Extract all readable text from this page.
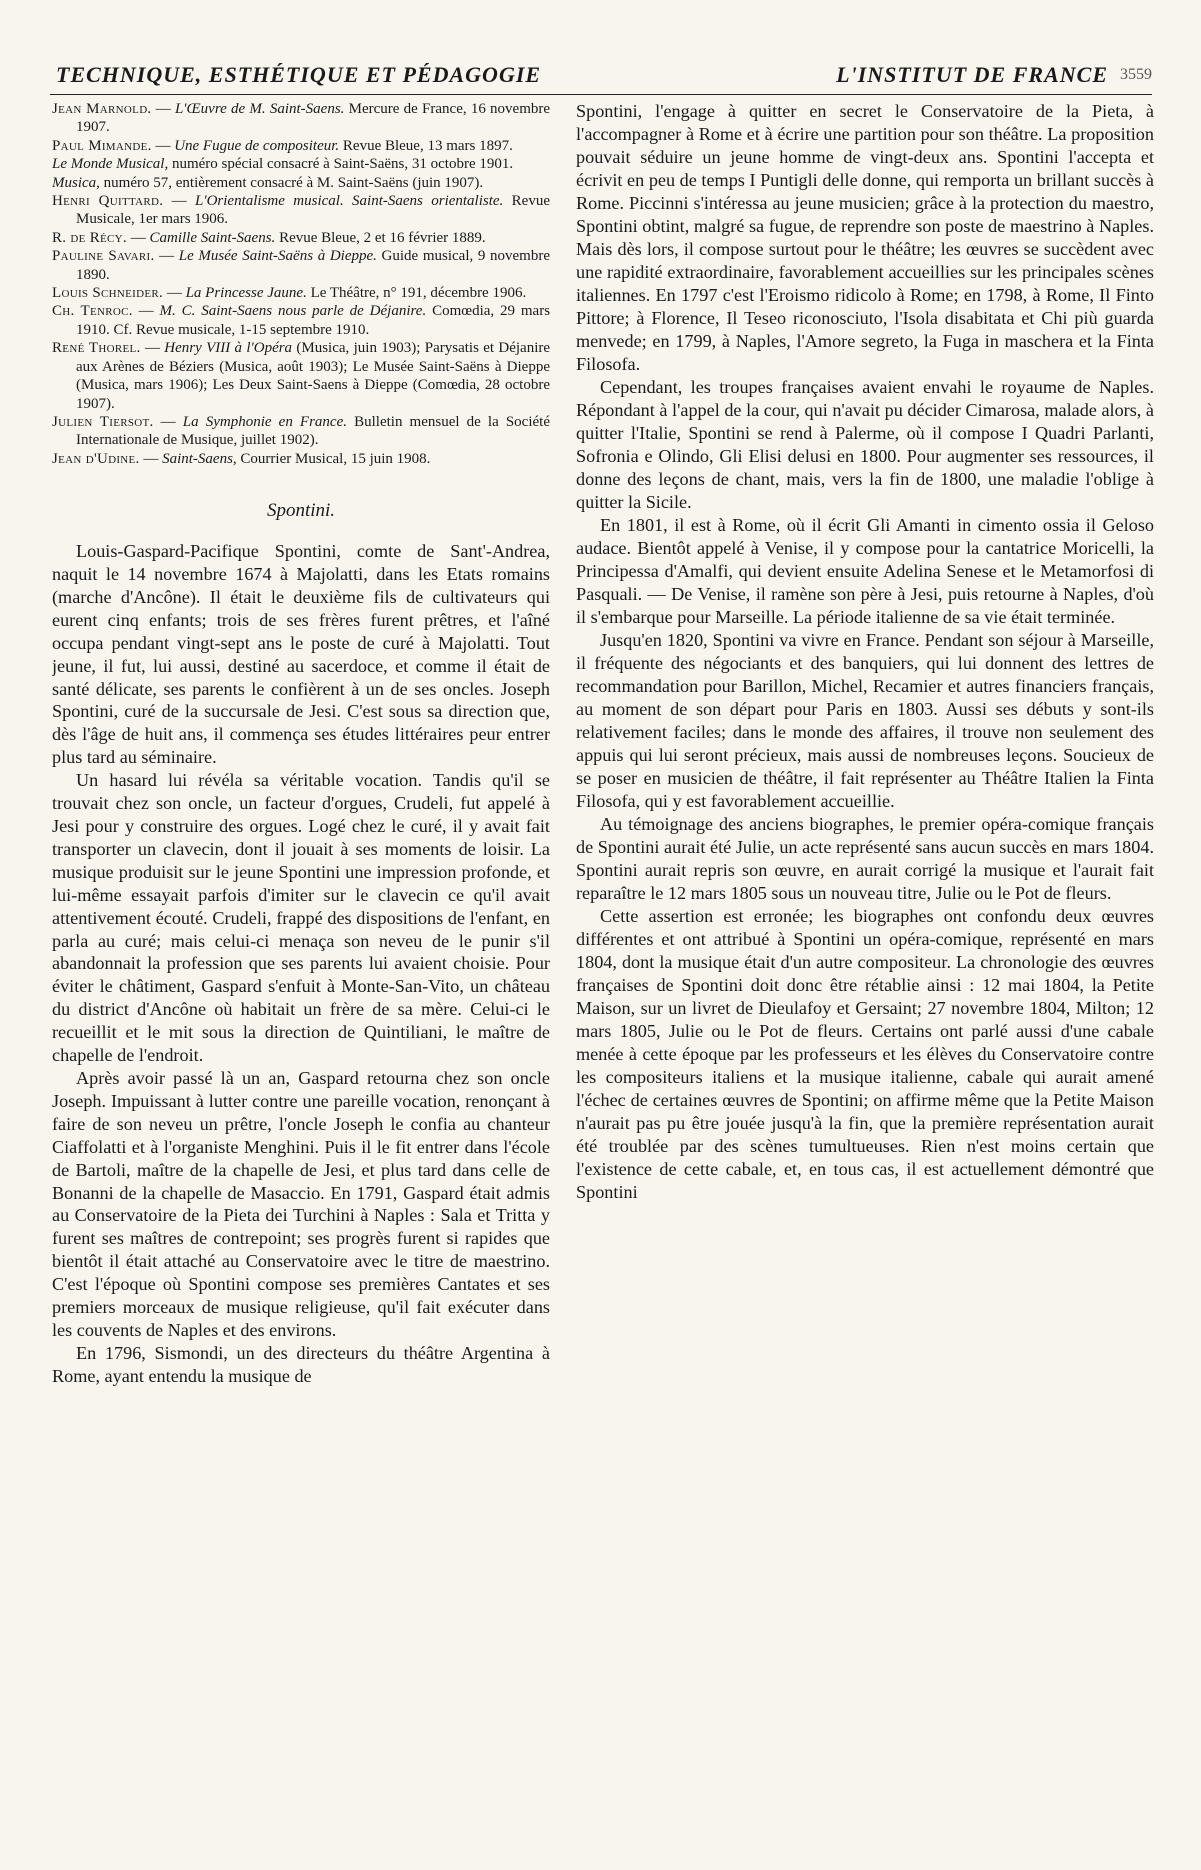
TECHNIQUE, ESTHÉTIQUE ET PÉDAGOGIE	L'INSTITUT DE FRANCE 3559

Jean Marnold. — L'Œuvre de M. Saint-Saens. Mercure de France, 16 novembre 1907.

Paul Mimande. — Une Fugue de compositeur. Revue Bleue, 13 mars 1897.

Le Monde Musical, numéro spécial consacré à Saint-Saëns, 31 octobre 1901.

Musica, numéro 57, entièrement consacré à M. Saint-Saëns (juin 1907).

Henri Quittard. — L'Orientalisme musical. Saint-Saens orientaliste. Revue Musicale, 1er mars 1906.

R. de Récy. — Camille Saint-Saens. Revue Bleue, 2 et 16 février 1889.

Pauline Savari. — Le Musée Saint-Saëns à Dieppe. Guide musical, 9 novembre 1890.

Louis Schneider. — La Princesse Jaune. Le Théâtre, n° 191, décembre 1906.

Ch. Tenroc. — M. C. Saint-Saens nous parle de Déjanire. Comœdia, 29 mars 1910. Cf. Revue musicale, 1-15 septembre 1910.

René Thorel. — Henry VIII à l'Opéra (Musica, juin 1903); Parysatis et Déjanire aux Arènes de Béziers (Musica, août 1903); Le Musée Saint-Saëns à Dieppe (Musica, mars 1906); Les Deux Saint-Saens à Dieppe (Comœdia, 28 octobre 1907).

Julien Tiersot. — La Symphonie en France. Bulletin mensuel de la Société Internationale de Musique, juillet 1902).

Jean d'Udine. — Saint-Saens, Courrier Musical, 15 juin 1908.

Spontini.

Louis-Gaspard-Pacifique Spontini, comte de Sant'-Andrea, naquit le 14 novembre 1674 à Majolatti, dans les Etats romains (marche d'Ancône). Il était le deuxième fils de cultivateurs qui eurent cinq enfants; trois de ses frères furent prêtres, et l'aîné occupa pendant vingt-sept ans le poste de curé à Majolatti. Tout jeune, il fut, lui aussi, destiné au sacerdoce, et comme il était de santé délicate, ses parents le confièrent à un de ses oncles. Joseph Spontini, curé de la succursale de Jesi. C'est sous sa direction que, dès l'âge de huit ans, il commença ses études littéraires peur entrer plus tard au séminaire.

Un hasard lui révéla sa véritable vocation. Tandis qu'il se trouvait chez son oncle, un facteur d'orgues, Crudeli, fut appelé à Jesi pour y construire des orgues. Logé chez le curé, il y avait fait transporter un clavecin, dont il jouait à ses moments de loisir. La musique produisit sur le jeune Spontini une impression profonde, et lui-même essayait parfois d'imiter sur le clavecin ce qu'il avait attentivement écouté. Crudeli, frappé des dispositions de l'enfant, en parla au curé; mais celui-ci menaça son neveu de le punir s'il abandonnait la profession que ses parents lui avaient choisie. Pour éviter le châtiment, Gaspard s'enfuit à Monte-San-Vito, un château du district d'Ancône où habitait un frère de sa mère. Celui-ci le recueillit et le mit sous la direction de Quintiliani, le maître de chapelle de l'endroit.

Après avoir passé là un an, Gaspard retourna chez son oncle Joseph. Impuissant à lutter contre une pareille vocation, renonçant à faire de son neveu un prêtre, l'oncle Joseph le confia au chanteur Ciaffolatti et à l'organiste Menghini. Puis il le fit entrer dans l'école de Bartoli, maître de la chapelle de Jesi, et plus tard dans celle de Bonanni de la chapelle de Masaccio. En 1791, Gaspard était admis au Conservatoire de la Pieta dei Turchini à Naples : Sala et Tritta y furent ses maîtres de contrepoint; ses progrès furent si rapides que bientôt il était attaché au Conservatoire avec le titre de maestrino. C'est l'époque où Spontini compose ses premières Cantates et ses premiers morceaux de musique religieuse, qu'il fait exécuter dans les couvents de Naples et des environs.

En 1796, Sismondi, un des directeurs du théâtre Argentina à Rome, ayant entendu la musique de

Spontini, l'engage à quitter en secret le Conservatoire de la Pieta, à l'accompagner à Rome et à écrire une partition pour son théâtre. La proposition pouvait séduire un jeune homme de vingt-deux ans. Spontini l'accepta et écrivit en peu de temps I Puntigli delle donne, qui remporta un brillant succès à Rome. Piccinni s'intéressa au jeune musicien; grâce à la protection du maestro, Spontini obtint, malgré sa fugue, de reprendre son poste de maestrino à Naples. Mais dès lors, il compose surtout pour le théâtre; les œuvres se succèdent avec une rapidité extraordinaire, favorablement accueillies sur les principales scènes italiennes. En 1797 c'est l'Eroismo ridicolo à Rome; en 1798, à Rome, Il Finto Pittore; à Florence, Il Teseo riconosciuto, l'Isola disabitata et Chi più guarda menvede; en 1799, à Naples, l'Amore segreto, la Fuga in maschera et la Finta Filosofa.

Cependant, les troupes françaises avaient envahi le royaume de Naples. Répondant à l'appel de la cour, qui n'avait pu décider Cimarosa, malade alors, à quitter l'Italie, Spontini se rend à Palerme, où il compose I Quadri Parlanti, Sofronia e Olindo, Gli Elisi delusi en 1800. Pour augmenter ses ressources, il donne des leçons de chant, mais, vers la fin de 1800, une maladie l'oblige à quitter la Sicile.

En 1801, il est à Rome, où il écrit Gli Amanti in cimento ossia il Geloso audace. Bientôt appelé à Venise, il y compose pour la cantatrice Moricelli, la Principessa d'Amalfi, qui devient ensuite Adelina Senese et le Metamorfosi di Pasquali. — De Venise, il ramène son père à Jesi, puis retourne à Naples, d'où il s'embarque pour Marseille. La période italienne de sa vie était terminée.

Jusqu'en 1820, Spontini va vivre en France. Pendant son séjour à Marseille, il fréquente des négociants et des banquiers, qui lui donnent des lettres de recommandation pour Barillon, Michel, Recamier et autres financiers français, au moment de son départ pour Paris en 1803. Aussi ses débuts y sont-ils relativement faciles; dans le monde des affaires, il trouve non seulement des appuis qui lui seront précieux, mais aussi de nombreuses leçons. Soucieux de se poser en musicien de théâtre, il fait représenter au Théâtre Italien la Finta Filosofa, qui y est favorablement accueillie.

Au témoignage des anciens biographes, le premier opéra-comique français de Spontini aurait été Julie, un acte représenté sans aucun succès en mars 1804. Spontini aurait repris son œuvre, en aurait corrigé la musique et l'aurait fait reparaître le 12 mars 1805 sous un nouveau titre, Julie ou le Pot de fleurs.

Cette assertion est erronée; les biographes ont confondu deux œuvres différentes et ont attribué à Spontini un opéra-comique, représenté en mars 1804, dont la musique était d'un autre compositeur. La chronologie des œuvres françaises de Spontini doit donc être rétablie ainsi : 12 mai 1804, la Petite Maison, sur un livret de Dieulafoy et Gersaint; 27 novembre 1804, Milton; 12 mars 1805, Julie ou le Pot de fleurs. Certains ont parlé aussi d'une cabale menée à cette époque par les professeurs et les élèves du Conservatoire contre les compositeurs italiens et la musique italienne, cabale qui aurait amené l'échec de certaines œuvres de Spontini; on affirme même que la Petite Maison n'aurait pas pu être jouée jusqu'à la fin, que la première représentation aurait été troublée par des scènes tumultueuses. Rien n'est moins certain que l'existence de cette cabale, et, en tous cas, il est actuellement démontré que Spontini
